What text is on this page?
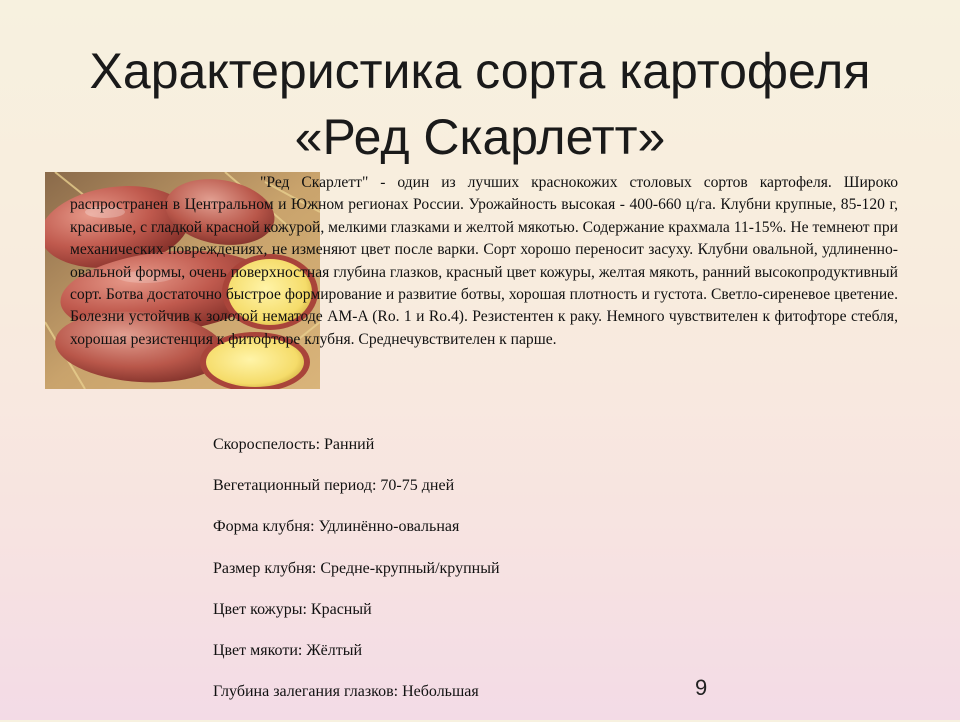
Характеристика сорта картофеля
«Ред Скарлетт»

"Ред Скарлетт" - один из лучших краснокожих столовых сортов картофеля. Широко распространен в Центральном и Южном регионах России. Урожайность высокая - 400-660 ц/га. Клубни крупные, 85-120 г, красивые, с гладкой красной кожурой, мелкими глазками и желтой мякотью. Содержание крахмала 11-15%. Не темнеют при механических повреждениях, не изменяют цвет после варки. Сорт хорошо переносит засуху. Клубни овальной, удлиненно-овальной формы, очень поверхностная глубина глазков, красный цвет кожуры, желтая мякоть, ранний высокопродуктивный сорт. Ботва достаточно быстрое формирование и развитие ботвы, хорошая плотность и густота. Светло-сиреневое цветение. Болезни устойчив к золотой нематоде AM-A (Ro. 1 и Ro.4). Резистентен к раку. Немного чувствителен к фитофторе стебля, хорошая резистенция к фитофторе клубня. Среднечувствителен к парше.

Скороспелость: Ранний
Вегетационный период: 70-75 дней
Форма клубня: Удлинённо-овальная
Размер клубня: Средне-крупный/крупный
Цвет кожуры: Красный
Цвет мякоти: Жёлтый
Глубина залегания глазков: Небольшая	9
